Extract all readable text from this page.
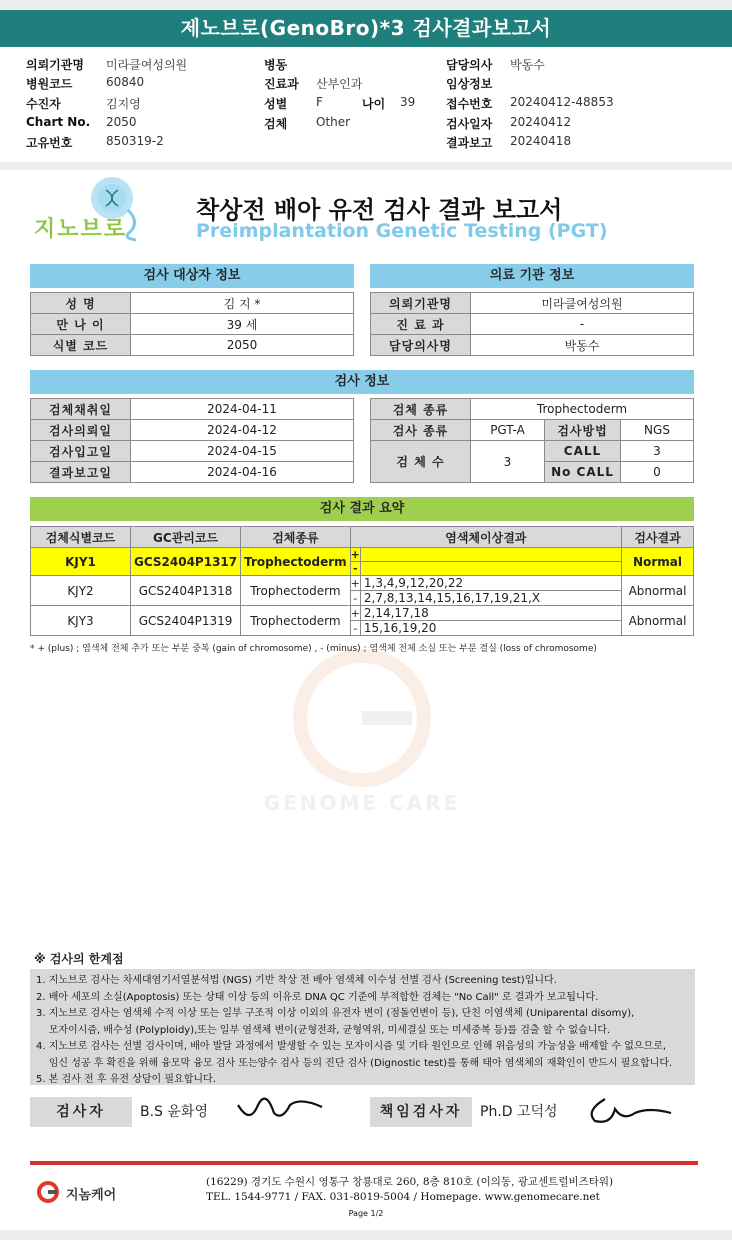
제노브로(GenoBro)*3 검사결과보고서
의뢰기관명 미라클여성의원
병원코드	60840
수진자	김지영
Chart No. 2050
고유번호	850319-2
병동
진료과 산부인과
성별 F	나이 39
검체 Other
담당의사 박동수
임상정보
접수번호 20240412-48853
검사일자 20240412
결과보고 20240418
지노브로
착상전 배아 유전 검사 결과 보고서
Preimplantation Genetic Testing (PGT)
검사 대상자 정보
성 명	김 지 *
만 나 이	39 세
식별 코드	2050
의료 기관 정보
의뢰기관명	미라클여성의원
진 료 과	-
담당의사명	박동수
검사 정보
검체채취일	2024-04-11
검사의뢰일	2024-04-12
검사입고일	2024-04-15
결과보고일	2024-04-16
검체 종류	Trophectoderm		
검사 종류	PGT-A	검사방법	NGS
검 체 수	3	CALL	3
		No CALL	0
검사 결과 요약
검체식별코드	GC관리코드	검체종류	염색체이상결과		검사결과
KJY1	GCS2404P1317	Trophectoderm	+		Normal
			-		
KJY2	GCS2404P1318	Trophectoderm	+	1,3,4,9,12,20,22	Abnormal
			-	2,7,8,13,14,15,16,17,19,21,X	
KJY3	GCS2404P1319	Trophectoderm	+	2,14,17,18	Abnormal
			-	15,16,19,20	
* + (plus) ; 염색체 전체 추가 또는 부분 중복 (gain of chromosome) , - (minus) ; 염색체 전체 소실 또는 부분 결실 (loss of chromosome)
GENOME CARE
※ 검사의 한계점
1. 지노브로 검사는 차세대염기서열분석법 (NGS) 기반 착상 전 배아 염색체 이수성 선별 검사 (Screening test)입니다.
2. 배아 세포의 소실(Apoptosis) 또는 상태 이상 등의 이유로 DNA QC 기준에 부적합한 검체는 "No Call" 로 결과가 보고됩니다.
3. 지노브로 검사는 염색체 수적 이상 또는 일부 구조적 이상 이외의 유전자 변이 (점돌연변이 등), 단친 이염색체 (Uniparental disomy),
모자이시즘, 배수성 (Polyploidy),또는 일부 염색체 변이(균형전좌, 균형역위, 미세결실 또는 미세중복 등)를 검출 할 수 없습니다.
4. 지노브로 검사는 선별 검사이며, 배아 발달 과정에서 발생할 수 있는 모자이시즘 및 기타 원인으로 인해 위음성의 가능성을 배제할 수 없으므로,
임신 성공 후 확진을 위해 융모막 융모 검사 또는양수 검사 등의 진단 검사 (Dignostic test)를 통해 태아 염색체의 재확인이 반드시 필요합니다.
5. 본 검사 전 후 유전 상담이 필요합니다.
검사자	B.S 윤화영	책임검사자	Ph.D 고덕성
지놈케어
(16229) 경기도 수원시 영통구 창룡대로 260, 8층 810호 (이의동, 광교센트럴비즈타워)
TEL. 1544-9771 / FAX. 031-8019-5004 / Homepage. www.genomecare.net
Page 1/2
